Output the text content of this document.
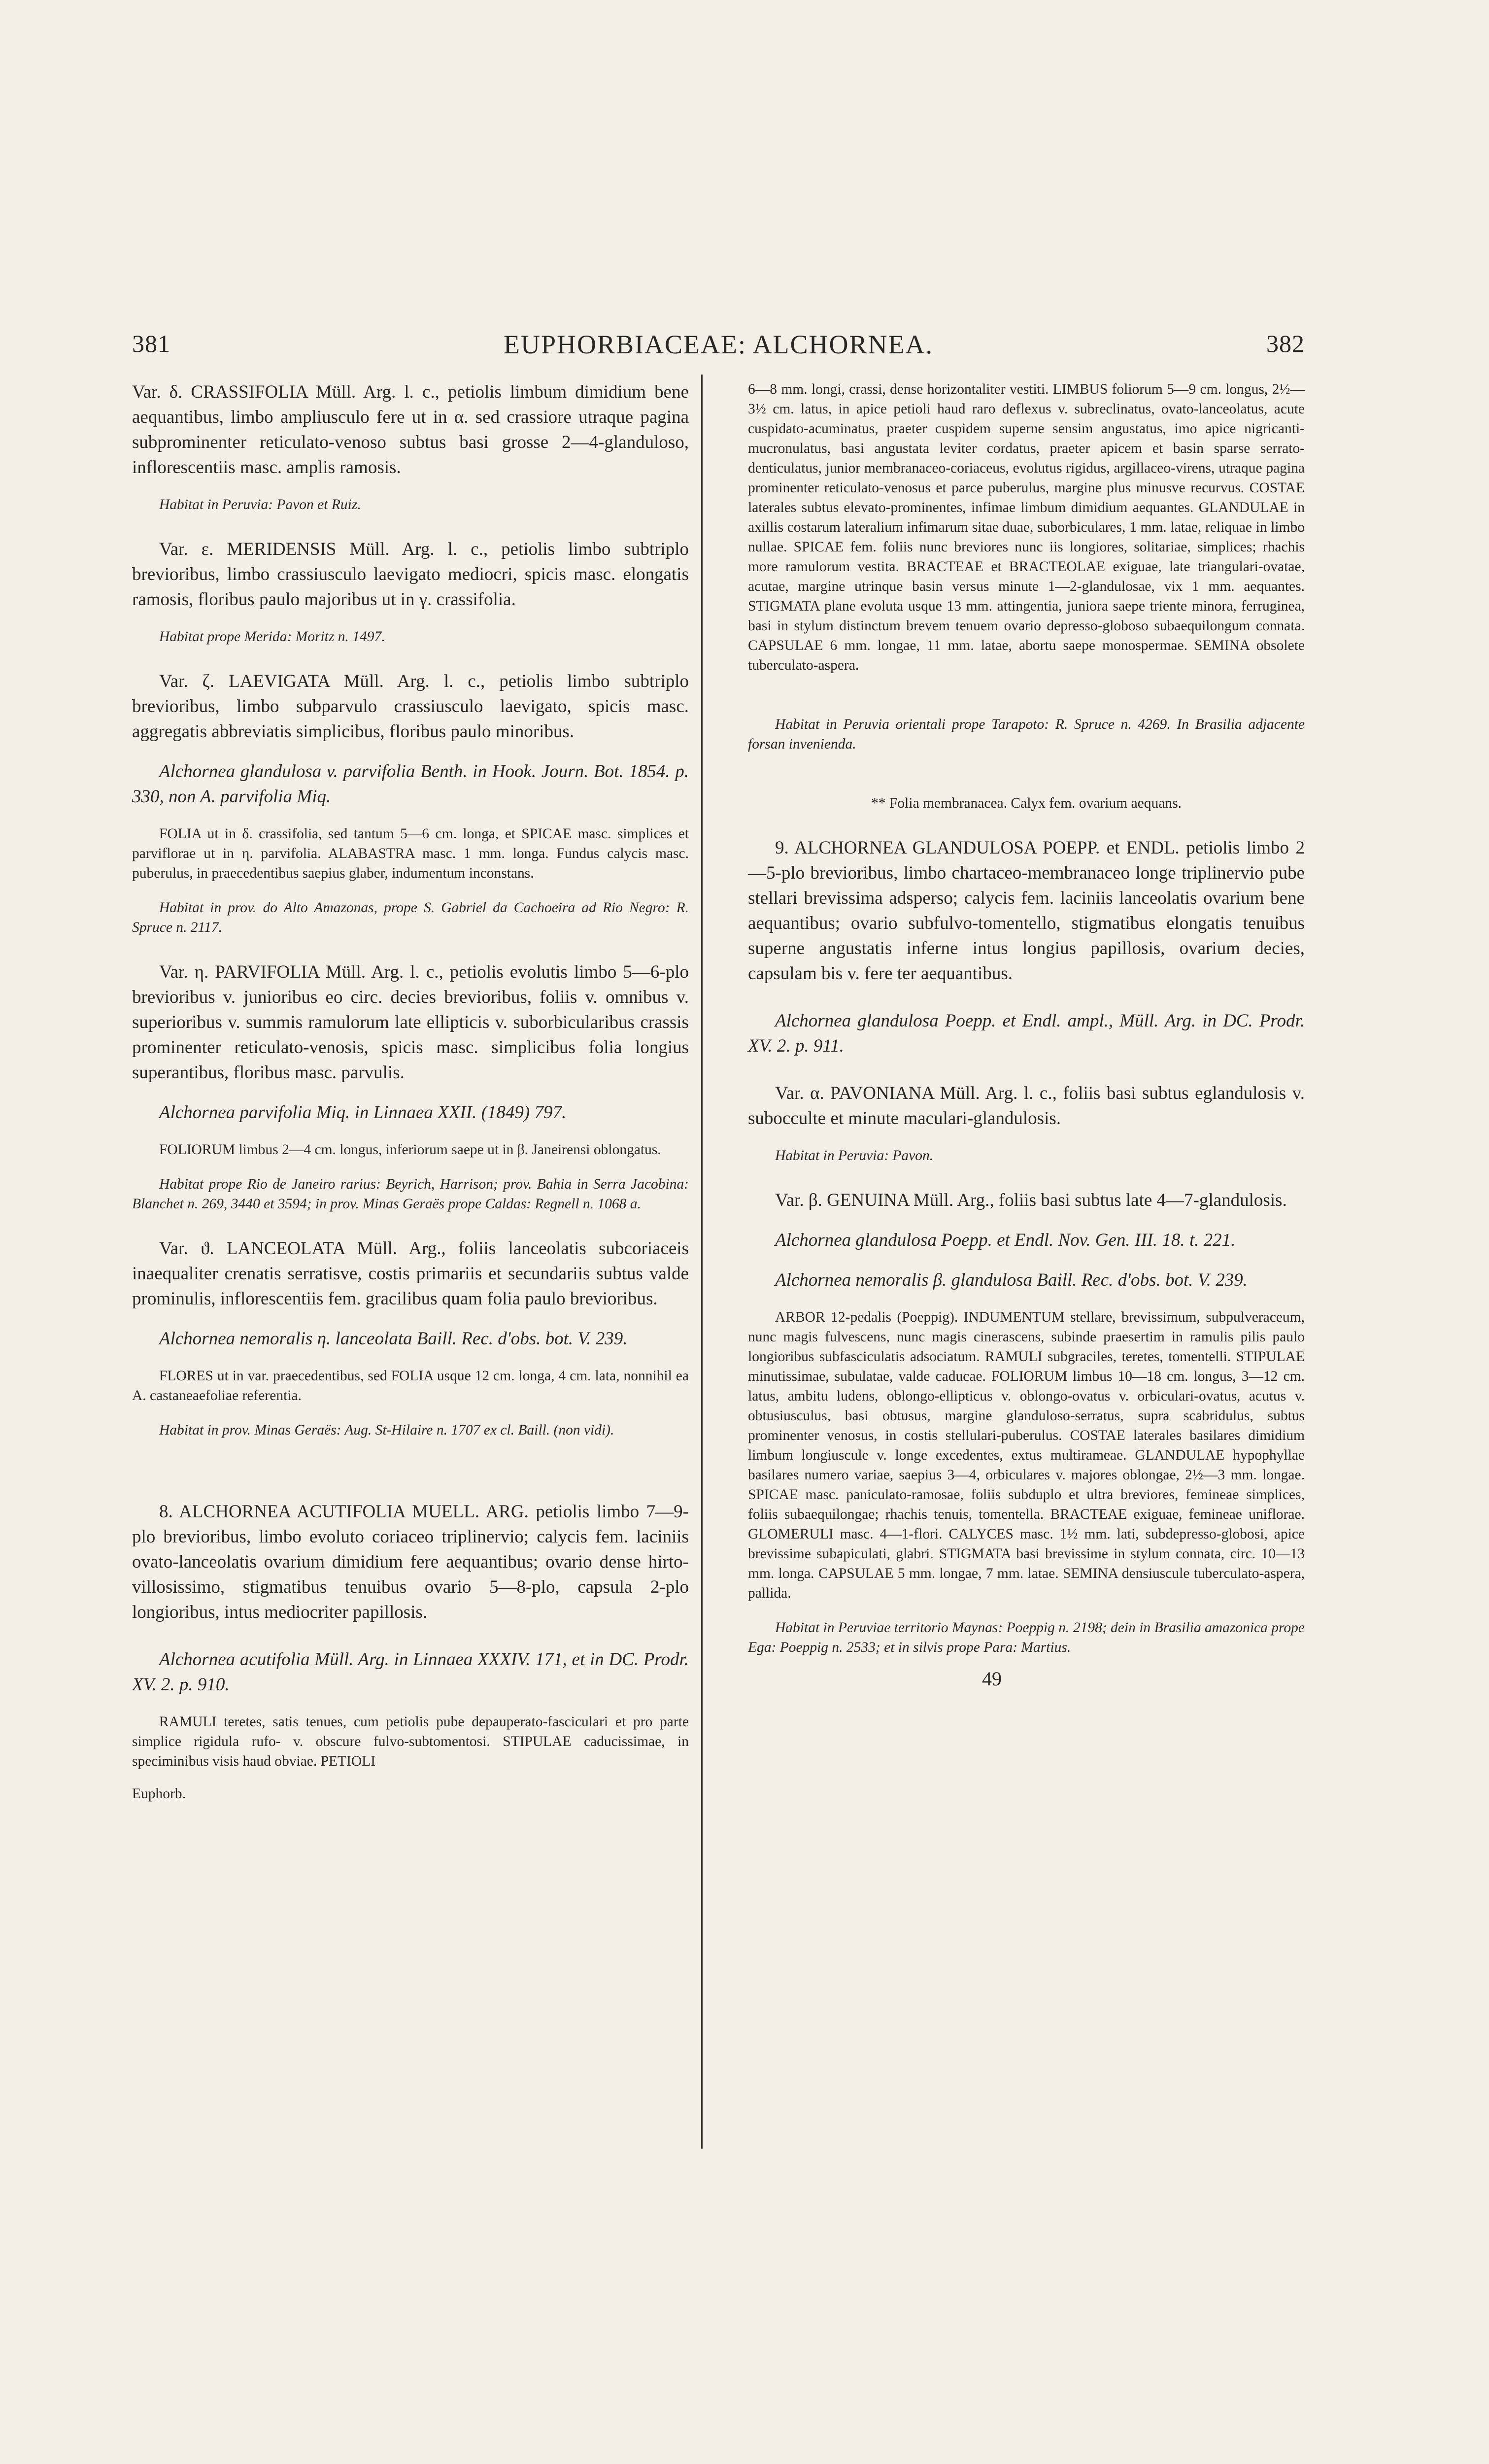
381	EUPHORBIACEAE: ALCHORNEA.	382

Var. δ. CRASSIFOLIA Müll. Arg. l. c., petiolis limbum dimidium bene aequantibus, limbo ampliusculo fere ut in α. sed crassiore utraque pagina subprominenter reticulato-venoso subtus basi grosse 2—4-glanduloso, inflorescentiis masc. amplis ramosis.

Habitat in Peruvia: Pavon et Ruiz.

Var. ε. MERIDENSIS Müll. Arg. l. c., petiolis limbo subtriplo brevioribus, limbo crassiusculo laevigato mediocri, spicis masc. elongatis ramosis, floribus paulo majoribus ut in γ. crassifolia.

Habitat prope Merida: Moritz n. 1497.

Var. ζ. LAEVIGATA Müll. Arg. l. c., petiolis limbo subtriplo brevioribus, limbo subparvulo crassiusculo laevigato, spicis masc. aggregatis abbreviatis simplicibus, floribus paulo minoribus.

Alchornea glandulosa v. parvifolia Benth. in Hook. Journ. Bot. 1854. p. 330, non A. parvifolia Miq.

FOLIA ut in δ. crassifolia, sed tantum 5—6 cm. longa, et SPICAE masc. simplices et parviflorae ut in η. parvifolia. ALABASTRA masc. 1 mm. longa. Fundus calycis masc. puberulus, in praecedentibus saepius glaber, indumentum inconstans.

Habitat in prov. do Alto Amazonas, prope S. Gabriel da Cachoeira ad Rio Negro: R. Spruce n. 2117.

Var. η. PARVIFOLIA Müll. Arg. l. c., petiolis evolutis limbo 5—6-plo brevioribus v. junioribus eo circ. decies brevioribus, foliis v. omnibus v. superioribus v. summis ramulorum late ellipticis v. suborbicularibus crassis prominenter reticulato-venosis, spicis masc. simplicibus folia longius superantibus, floribus masc. parvulis.

Alchornea parvifolia Miq. in Linnaea XXII. (1849) 797.

FOLIORUM limbus 2—4 cm. longus, inferiorum saepe ut in β. Janeirensi oblongatus.

Habitat prope Rio de Janeiro rarius: Beyrich, Harrison; prov. Bahia in Serra Jacobina: Blanchet n. 269, 3440 et 3594; in prov. Minas Geraës prope Caldas: Regnell n. 1068 a.

Var. ϑ. LANCEOLATA Müll. Arg., foliis lanceolatis subcoriaceis inaequaliter crenatis serratisve, costis primariis et secundariis subtus valde prominulis, inflorescentiis fem. gracilibus quam folia paulo brevioribus.

Alchornea nemoralis η. lanceolata Baill. Rec. d'obs. bot. V. 239.

FLORES ut in var. praecedentibus, sed FOLIA usque 12 cm. longa, 4 cm. lata, nonnihil ea A. castaneaefoliae referentia.

Habitat in prov. Minas Geraës: Aug. St-Hilaire n. 1707 ex cl. Baill. (non vidi).

8. ALCHORNEA ACUTIFOLIA MUELL. ARG. petiolis limbo 7—9-plo brevioribus, limbo evoluto coriaceo triplinervio; calycis fem. laciniis ovato-lanceolatis ovarium dimidium fere aequantibus; ovario dense hirto-villosissimo, stigmatibus tenuibus ovario 5—8-plo, capsula 2-plo longioribus, intus mediocriter papillosis.

Alchornea acutifolia Müll. Arg. in Linnaea XXXIV. 171, et in DC. Prodr. XV. 2. p. 910.

RAMULI teretes, satis tenues, cum petiolis pube depauperato-fasciculari et pro parte simplice rigidula rufo- v. obscure fulvo-subtomentosi. STIPULAE caducissimae, in speciminibus visis haud obviae. PETIOLI

Euphorb.

6—8 mm. longi, crassi, dense horizontaliter vestiti. LIMBUS foliorum 5—9 cm. longus, 2½—3½ cm. latus, in apice petioli haud raro deflexus v. subreclinatus, ovato-lanceolatus, acute cuspidato-acuminatus, praeter cuspidem superne sensim angustatus, imo apice nigricanti-mucronulatus, basi angustata leviter cordatus, praeter apicem et basin sparse serrato-denticulatus, junior membranaceo-coriaceus, evolutus rigidus, argillaceo-virens, utraque pagina prominenter reticulato-venosus et parce puberulus, margine plus minusve recurvus. COSTAE laterales subtus elevato-prominentes, infimae limbum dimidium aequantes. GLANDULAE in axillis costarum lateralium infimarum sitae duae, suborbiculares, 1 mm. latae, reliquae in limbo nullae. SPICAE fem. foliis nunc breviores nunc iis longiores, solitariae, simplices; rhachis more ramulorum vestita. BRACTEAE et BRACTEOLAE exiguae, late triangulari-ovatae, acutae, margine utrinque basin versus minute 1—2-glandulosae, vix 1 mm. aequantes. STIGMATA plane evoluta usque 13 mm. attingentia, juniora saepe triente minora, ferruginea, basi in stylum distinctum brevem tenuem ovario depresso-globoso subaequilongum connata. CAPSULAE 6 mm. longae, 11 mm. latae, abortu saepe monospermae. SEMINA obsolete tuberculato-aspera.

Habitat in Peruvia orientali prope Tarapoto: R. Spruce n. 4269. In Brasilia adjacente forsan invenienda.

** Folia membranacea. Calyx fem. ovarium aequans.

9. ALCHORNEA GLANDULOSA POEPP. et ENDL. petiolis limbo 2—5-plo brevioribus, limbo chartaceo-membranaceo longe triplinervio pube stellari brevissima adsperso; calycis fem. laciniis lanceolatis ovarium bene aequantibus; ovario subfulvo-tomentello, stigmatibus elongatis tenuibus superne angustatis inferne intus longius papillosis, ovarium decies, capsulam bis v. fere ter aequantibus.

Alchornea glandulosa Poepp. et Endl. ampl., Müll. Arg. in DC. Prodr. XV. 2. p. 911.

Var. α. PAVONIANA Müll. Arg. l. c., foliis basi subtus eglandulosis v. subocculte et minute maculari-glandulosis.

Habitat in Peruvia: Pavon.

Var. β. GENUINA Müll. Arg., foliis basi subtus late 4—7-glandulosis.

Alchornea glandulosa Poepp. et Endl. Nov. Gen. III. 18. t. 221.

Alchornea nemoralis β. glandulosa Baill. Rec. d'obs. bot. V. 239.

ARBOR 12-pedalis (Poeppig). INDUMENTUM stellare, brevissimum, subpulveraceum, nunc magis fulvescens, nunc magis cinerascens, subinde praesertim in ramulis pilis paulo longioribus subfasciculatis adsociatum. RAMULI subgraciles, teretes, tomentelli. STIPULAE minutissimae, subulatae, valde caducae. FOLIORUM limbus 10—18 cm. longus, 3—12 cm. latus, ambitu ludens, oblongo-ellipticus v. oblongo-ovatus v. orbiculari-ovatus, acutus v. obtusiusculus, basi obtusus, margine glanduloso-serratus, supra scabridulus, subtus prominenter venosus, in costis stellulari-puberulus. COSTAE laterales basilares dimidium limbum longiuscule v. longe excedentes, extus multirameae. GLANDULAE hypophyllae basilares numero variae, saepius 3—4, orbiculares v. majores oblongae, 2½—3 mm. longae. SPICAE masc. paniculato-ramosae, foliis subduplo et ultra breviores, femineae simplices, foliis subaequilongae; rhachis tenuis, tomentella. BRACTEAE exiguae, femineae uniflorae. GLOMERULI masc. 4—1-flori. CALYCES masc. 1½ mm. lati, subdepresso-globosi, apice brevissime subapiculati, glabri. STIGMATA basi brevissime in stylum connata, circ. 10—13 mm. longa. CAPSULAE 5 mm. longae, 7 mm. latae. SEMINA densiuscule tuberculato-aspera, pallida.

Habitat in Peruviae territorio Maynas: Poeppig n. 2198; dein in Brasilia amazonica prope Ega: Poeppig n. 2533; et in silvis prope Para: Martius.

49
